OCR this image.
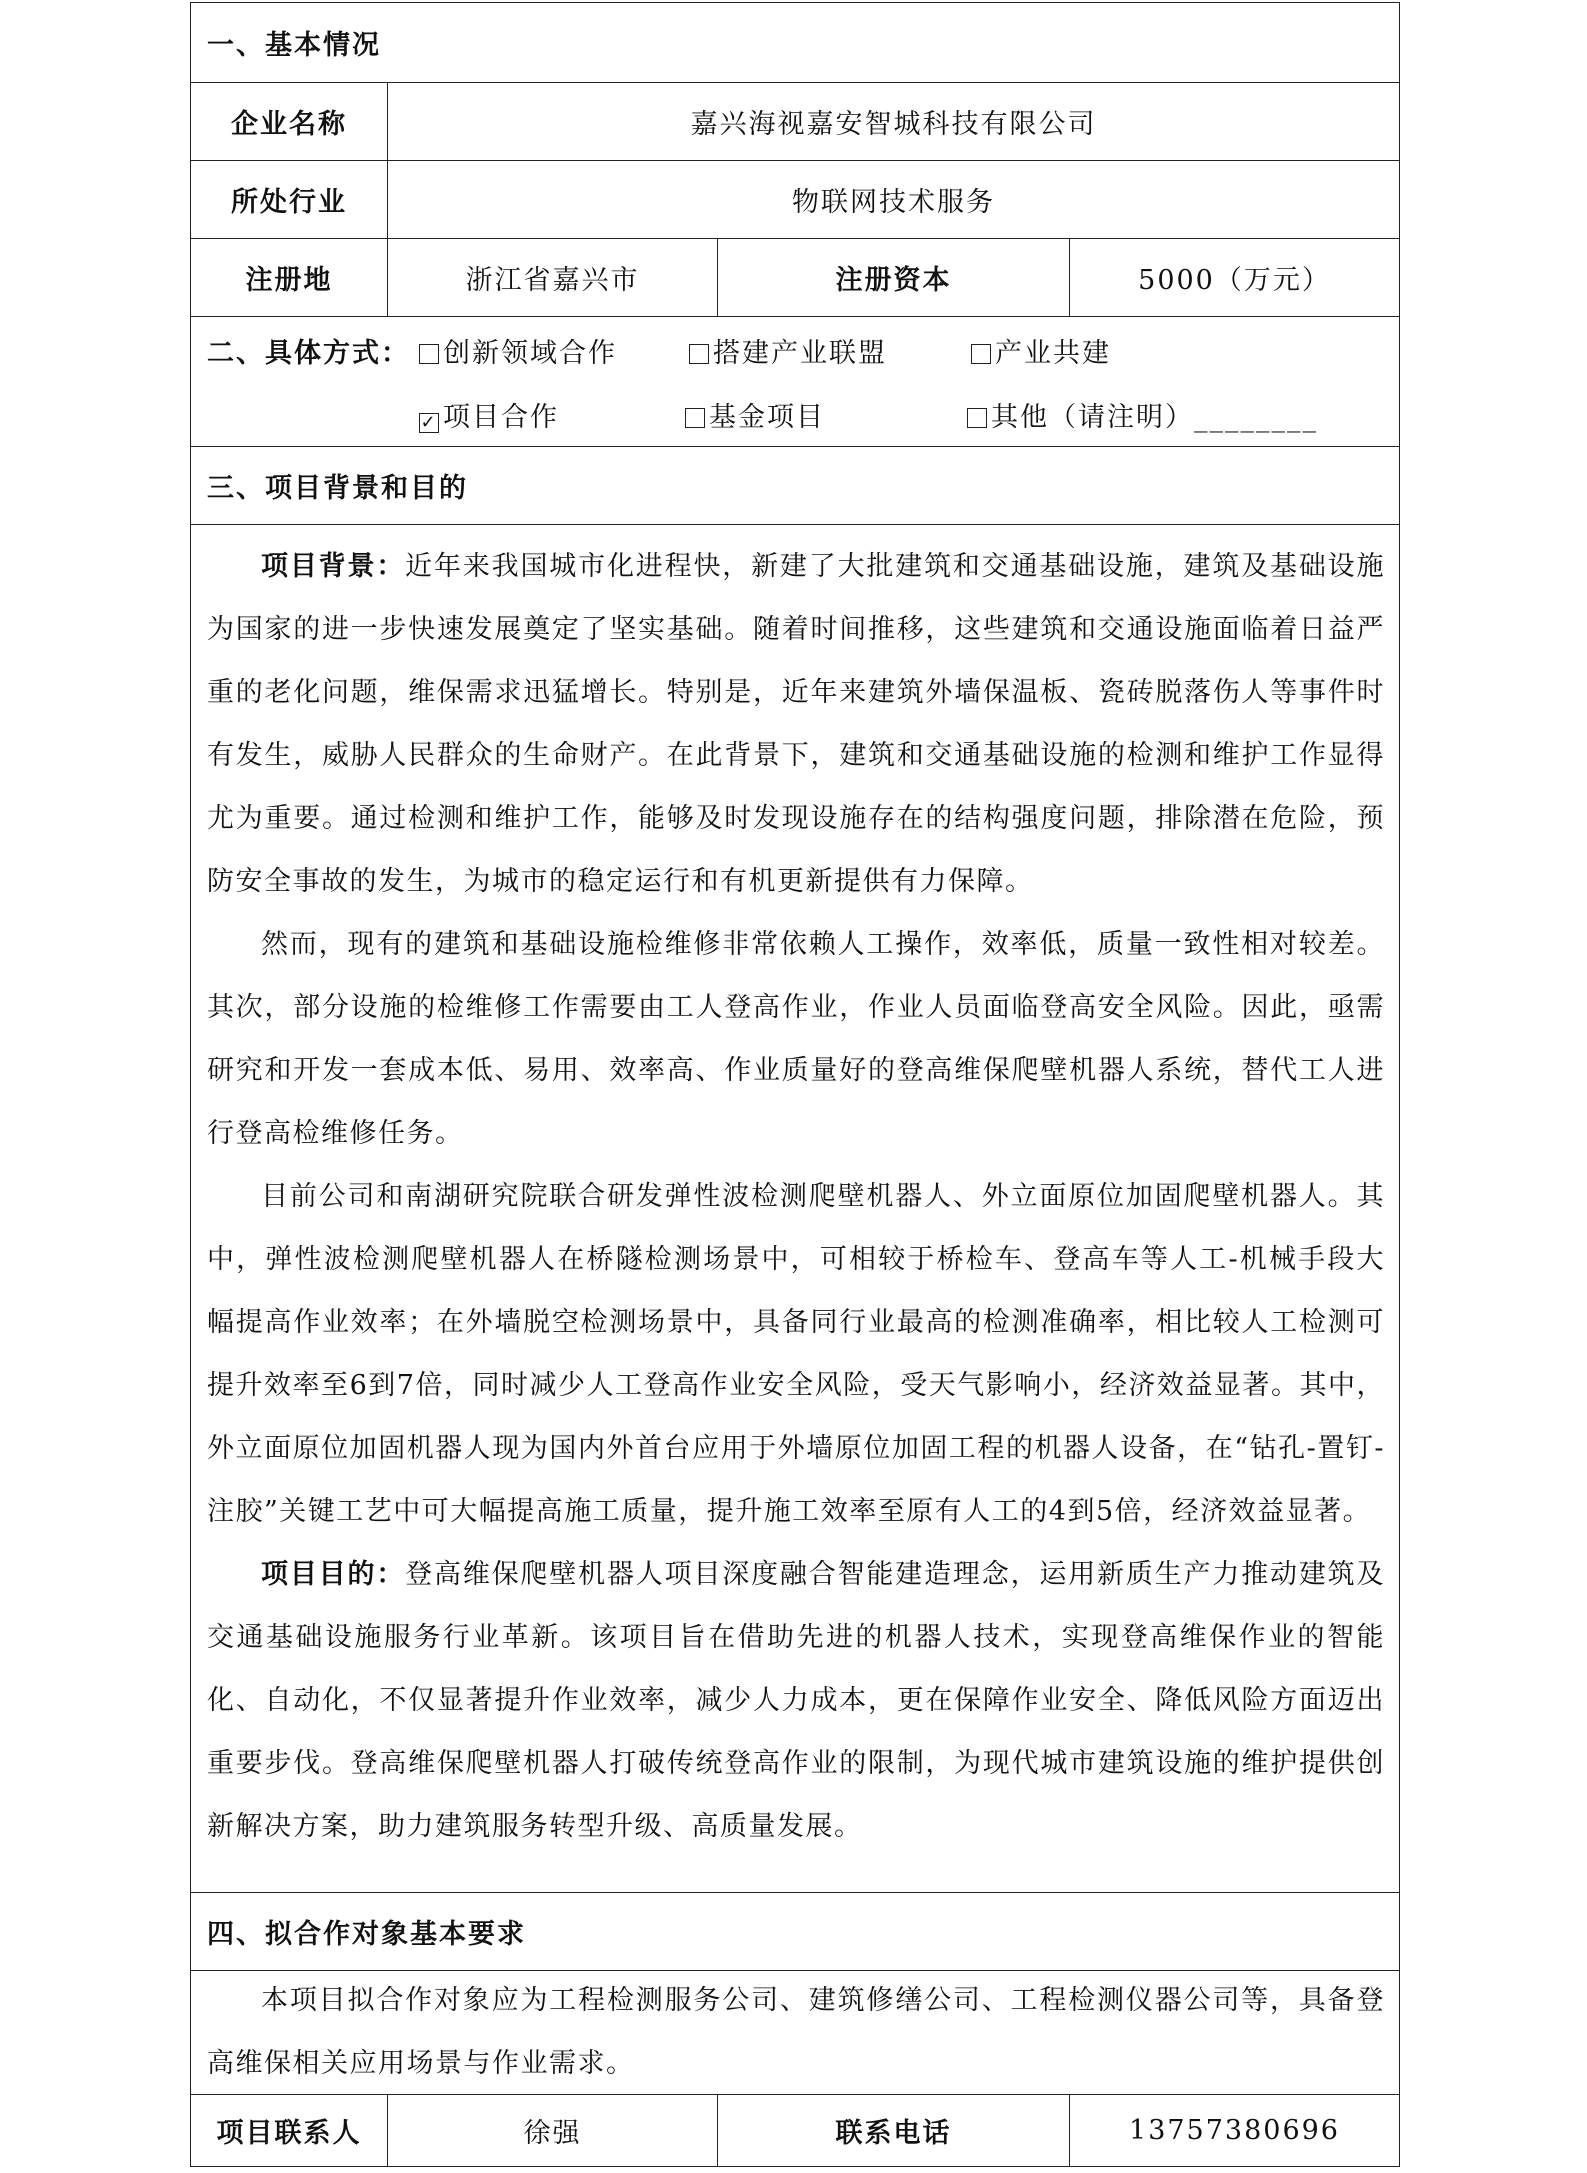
一、基本情况
企业名称	嘉兴海视嘉安智城科技有限公司
所处行业	物联网技术服务
注册地	浙江省嘉兴市	注册资本	5000（万元）
二、具体方式：	创新领域合作	搭建产业联盟	产业共建
✓ 项目合作	基金项目	其他（请注明）________
三、项目背景和目的
项目背景：近年来我国城市化进程快，新建了大批建筑和交通基础设施，建筑及基础设施为国家的进一步快速发展奠定了坚实基础。随着时间推移，这些建筑和交通设施面临着日益严重的老化问题，维保需求迅猛增长。特别是，近年来建筑外墙保温板、瓷砖脱落伤人等事件时有发生，威胁人民群众的生命财产。在此背景下，建筑和交通基础设施的检测和维护工作显得尤为重要。通过检测和维护工作，能够及时发现设施存在的结构强度问题，排除潜在危险，预防安全事故的发生，为城市的稳定运行和有机更新提供有力保障。
然而，现有的建筑和基础设施检维修非常依赖人工操作，效率低，质量一致性相对较差。其次，部分设施的检维修工作需要由工人登高作业，作业人员面临登高安全风险。因此，亟需研究和开发一套成本低、易用、效率高、作业质量好的登高维保爬壁机器人系统，替代工人进行登高检维修任务。
目前公司和南湖研究院联合研发弹性波检测爬壁机器人、外立面原位加固爬壁机器人。其中，弹性波检测爬壁机器人在桥隧检测场景中，可相较于桥检车、登高车等人工-机械手段大幅提高作业效率；在外墙脱空检测场景中，具备同行业最高的检测准确率，相比较人工检测可提升效率至6到7倍，同时减少人工登高作业安全风险，受天气影响小，经济效益显著。其中，外立面原位加固机器人现为国内外首台应用于外墙原位加固工程的机器人设备，在“钻孔-置钉-注胶”关键工艺中可大幅提高施工质量，提升施工效率至原有人工的4到5倍，经济效益显著。
项目目的：登高维保爬壁机器人项目深度融合智能建造理念，运用新质生产力推动建筑及交通基础设施服务行业革新。该项目旨在借助先进的机器人技术，实现登高维保作业的智能化、自动化，不仅显著提升作业效率，减少人力成本，更在保障作业安全、降低风险方面迈出重要步伐。登高维保爬壁机器人打破传统登高作业的限制，为现代城市建筑设施的维护提供创新解决方案，助力建筑服务转型升级、高质量发展。
四、拟合作对象基本要求
本项目拟合作对象应为工程检测服务公司、建筑修缮公司、工程检测仪器公司等，具备登高维保相关应用场景与作业需求。
项目联系人	徐强	联系电话	13757380696
